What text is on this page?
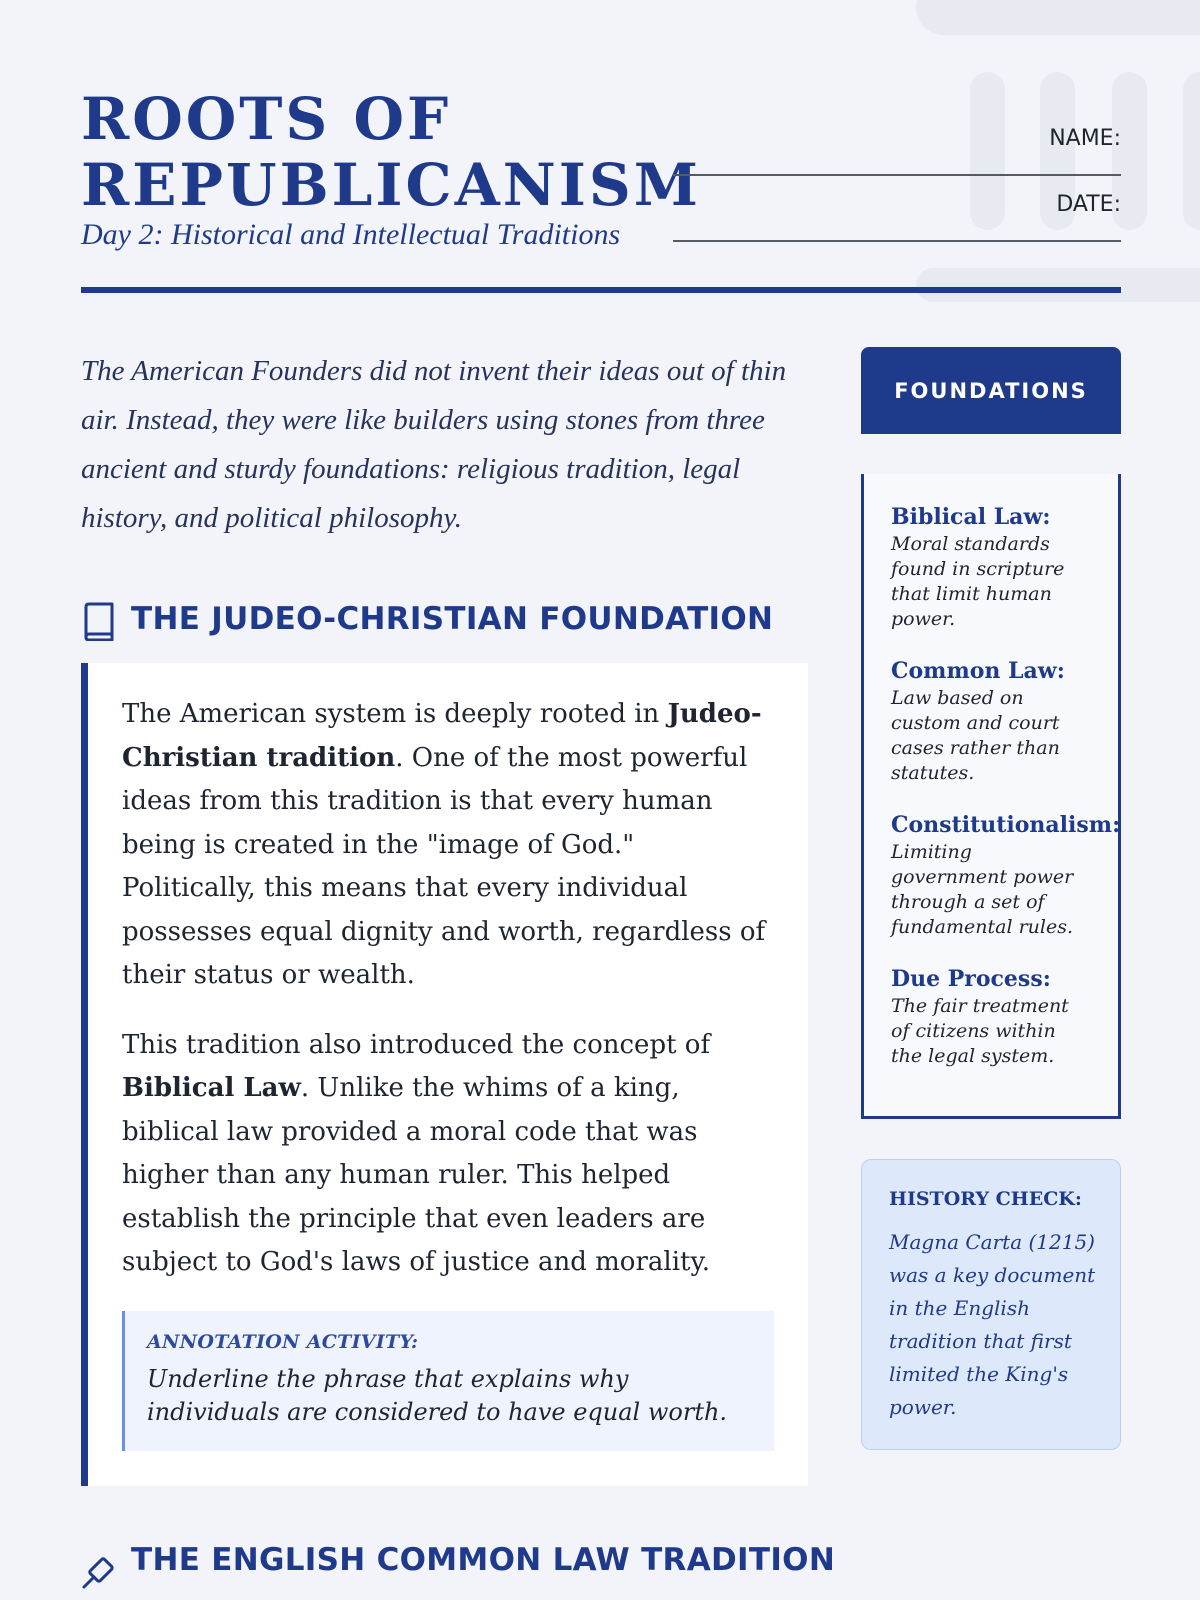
ROOTS OF
REPUBLICANISM
Day 2: Historical and Intellectual Traditions
NAME:
DATE:
The American Founders did not invent their ideas out of thin air. Instead, they were like builders using stones from three ancient and sturdy foundations: religious tradition, legal history, and political philosophy.
THE JUDEO-CHRISTIAN FOUNDATION

The American system is deeply rooted in Judeo-Christian tradition. One of the most powerful ideas from this tradition is that every human being is created in the "image of God." Politically, this means that every individual possesses equal dignity and worth, regardless of their status or wealth.

This tradition also introduced the concept of Biblical Law. Unlike the whims of a king, biblical law provided a moral code that was higher than any human ruler. This helped establish the principle that even leaders are subject to God's laws of justice and morality.

ANNOTATION ACTIVITY:
Underline the phrase that explains why individuals are considered to have equal worth.
THE ENGLISH COMMON LAW TRADITION
FOUNDATIONS
Biblical Law:
Moral standards found in scripture that limit human power.
Common Law:
Law based on custom and court cases rather than statutes.
Constitutionalism:
Limiting government power through a set of fundamental rules.
Due Process:
The fair treatment of citizens within the legal system.
HISTORY CHECK:
Magna Carta (1215) was a key document in the English tradition that first limited the King's power.
